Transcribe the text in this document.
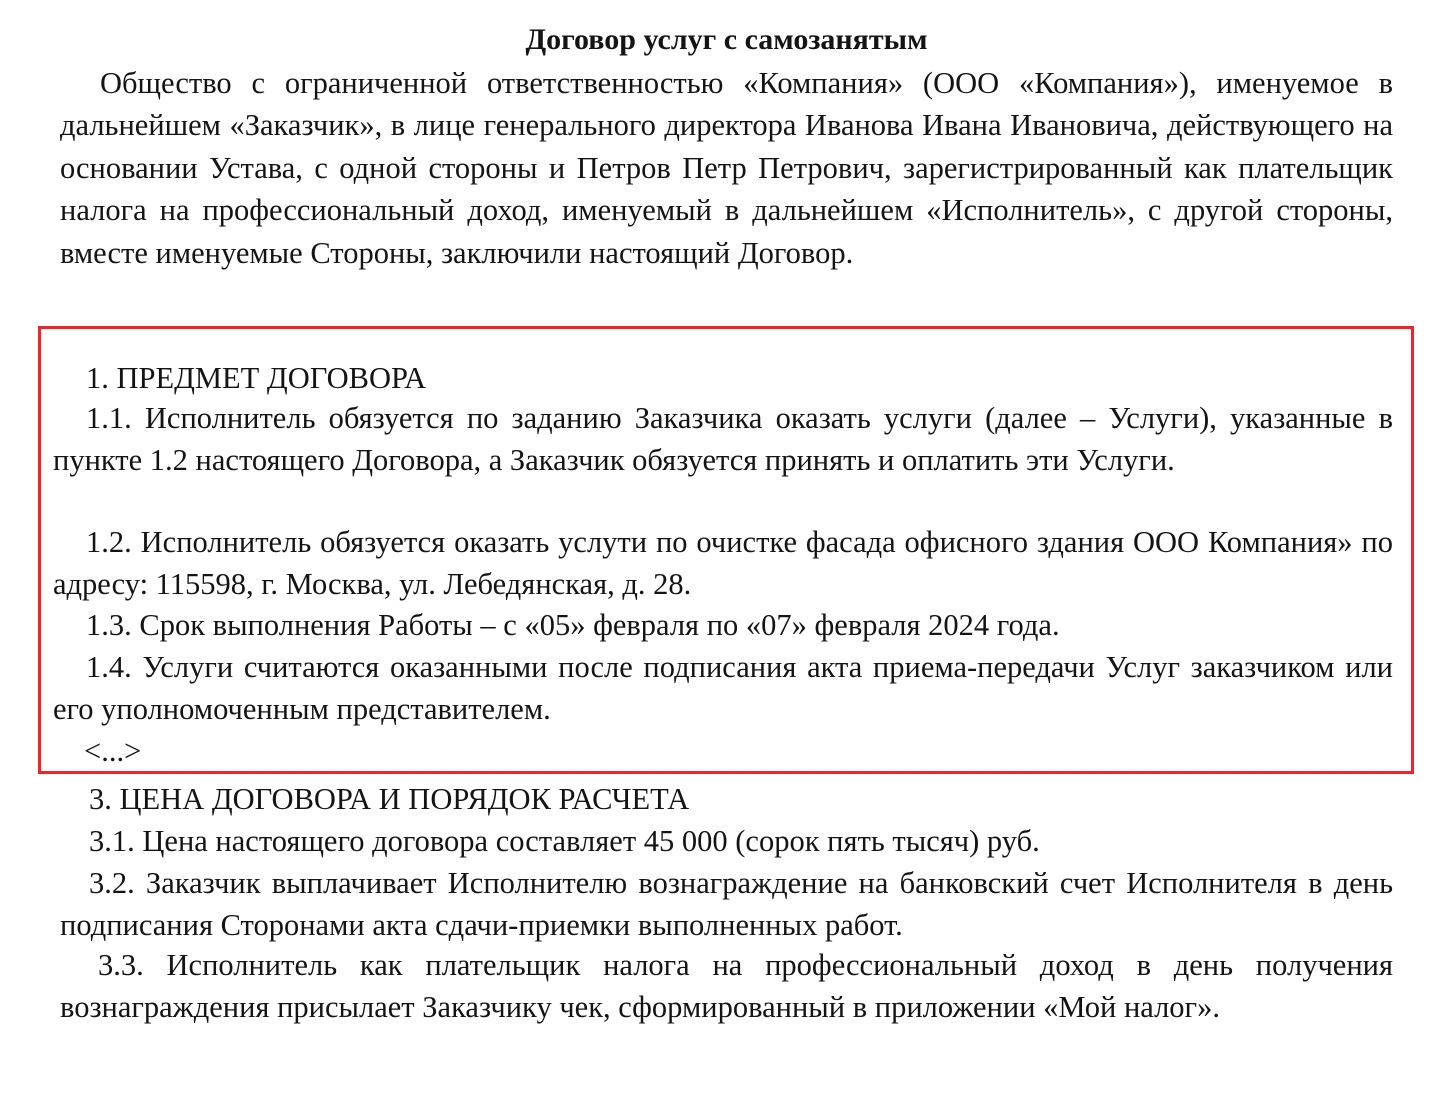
Договор услуг с самозанятым

Общество с ограниченной ответственностью «Компания» (ООО «Компания»), именуемое в дальнейшем «Заказчик», в лице генерального директора Иванова Ивана Ивановича, действующего на основании Устава, с одной стороны и Петров Петр Петрович, зарегистрированный как плательщик налога на профессиональный доход, именуемый в дальнейшем «Исполнитель», с другой стороны, вместе именуемые Стороны, заключили настоящий Договор.

1. ПРЕДМЕТ ДОГОВОРА

1.1. Исполнитель обязуется по заданию Заказчика оказать услуги (далее – Услуги), указанные в пункте 1.2 настоящего Договора, а Заказчик обязуется принять и оплатить эти Услуги.

1.2. Исполнитель обязуется оказать услути по очистке фасада офисного здания ООО Компания» по адресу: 115598, г. Москва, ул. Лебедянская, д. 28.

1.3. Срок выполнения Работы – с «05» февраля по «07» февраля 2024 года.

1.4. Услуги считаются оказанными после подписания акта приема-передачи Услуг заказчиком или его уполномоченным представителем.

<...>

3. ЦЕНА ДОГОВОРА И ПОРЯДОК РАСЧЕТА

3.1. Цена настоящего договора составляет 45 000 (сорок пять тысяч) руб.

3.2. Заказчик выплачивает Исполнителю вознаграждение на банковский счет Исполнителя в день подписания Сторонами акта сдачи-приемки выполненных работ.

3.3. Исполнитель как плательщик налога на профессиональный доход в день получения вознаграждения присылает Заказчику чек, сформированный в приложении «Мой налог».
